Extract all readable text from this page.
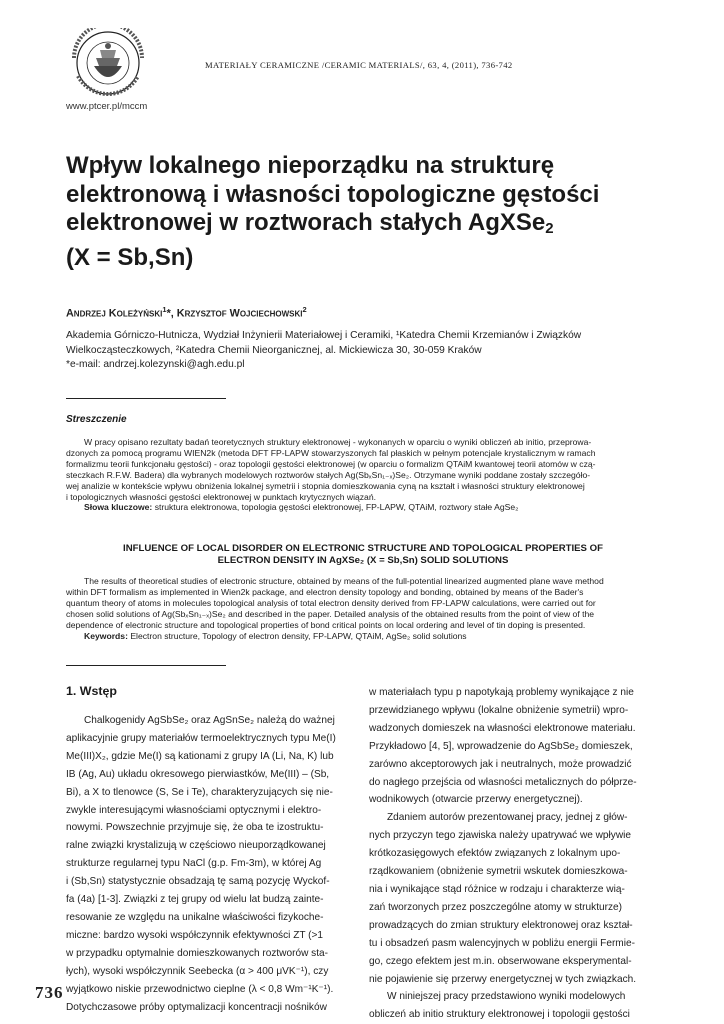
www.ptcer.pl/mccm
MATERIAŁY CERAMICZNE /CERAMIC MATERIALS/, 63, 4, (2011), 736-742
Wpływ lokalnego nieporządku na strukturę
elektronową i własności topologiczne gęstości
elektronowej w roztworach stałych AgXSe$_2$
(X = Sb,Sn)
Andrzej Koleżyński$^1$*, Krzysztof Wojciechowski$^2$
Akademia Górniczo-Hutnicza, Wydział Inżynierii Materiałowej i Ceramiki, ¹Katedra Chemii Krzemianów i Związków
Wielkocząsteczkowych, ²Katedra Chemii Nieorganicznej, al. Mickiewicza 30, 30-059 Kraków
*e-mail: andrzej.kolezynski@agh.edu.pl
Streszczenie
W pracy opisano rezultaty badań teoretycznych struktury elektronowej - wykonanych w oparciu o wyniki obliczeń ab initio, przeprowa-
dzonych za pomocą programu WIEN2k (metoda DFT FP-LAPW stowarzyszonych fal płaskich w pełnym potencjale krystalicznym w ramach
formalizmu teorii funkcjonału gęstości) - oraz topologii gęstości elektronowej (w oparciu o formalizm QTAiM kwantowej teorii atomów w czą-
steczkach R.F.W. Badera) dla wybranych modelowych roztworów stałych Ag(SbₓSn₁₋ₓ)Se₂. Otrzymane wyniki poddane zostały szczegóło-
wej analizie w kontekście wpływu obniżenia lokalnej symetrii i stopnia domieszkowania cyną na kształt i własności struktury elektronowej
i topologicznych własności gęstości elektronowej w punktach krytycznych wiązań.
Słowa kluczowe: struktura elektronowa, topologia gęstości elektronowej, FP-LAPW, QTAiM, roztwory stałe AgSe₂
INFLUENCE OF LOCAL DISORDER ON ELECTRONIC STRUCTURE AND TOPOLOGICAL PROPERTIES OF
ELECTRON DENSITY IN AgXSe₂ (X = Sb,Sn) SOLID SOLUTIONS
The results of theoretical studies of electronic structure, obtained by means of the full-potential linearized augmented plane wave method
within DFT formalism as implemented in Wien2k package, and electron density topology and bonding, obtained by means of the Bader's
quantum theory of atoms in molecules topological analysis of total electron density derived from FP-LAPW calculations, were carried out for
chosen solid solutions of Ag(SbₓSn₁₋ₓ)Se₂ and described in the paper. Detailed analysis of the obtained results from the point of view of the
dependence of electronic structure and topological properties of bond critical points on local ordering and level of tin doping is presented.
Keywords: Electron structure, Topology of electron density, FP-LAPW, QTAiM, AgSe₂ solid solutions
1. Wstęp
Chalkogenidy AgSbSe₂ oraz AgSnSe₂ należą do ważnej
aplikacyjnie grupy materiałów termoelektrycznych typu Me(I)
Me(III)X₂, gdzie Me(I) są kationami z grupy IA (Li, Na, K) lub
IB (Ag, Au) układu okresowego pierwiastków, Me(III) – (Sb,
Bi), a X to tlenowce (S, Se i Te), charakteryzujących się nie-
zwykle interesującymi własnościami optycznymi i elektro-
nowymi. Powszechnie przyjmuje się, że oba te izostruktu-
ralne związki krystalizują w częściowo nieuporządkowanej
strukturze regularnej typu NaCl (g.p. Fm-3m), w której Ag
i (Sb,Sn) statystycznie obsadzają tę samą pozycję Wyckof-
fa (4a) [1-3]. Związki z tej grupy od wielu lat budzą zainte-
resowanie ze względu na unikalne właściwości fizykoche-
miczne: bardzo wysoki współczynnik efektywności ZT (>1
w przypadku optymalnie domieszkowanych roztworów sta-
łych), wysoki współczynnik Seebecka (α > 400 μVK⁻¹), czy
wyjątkowo niskie przewodnictwo cieplne (λ < 0,8 Wm⁻¹K⁻¹).
Dotychczasowe próby optymalizacji koncentracji nośników
w materiałach typu p napotykają problemy wynikające z nie
przewidzianego wpływu (lokalne obniżenie symetrii) wpro-
wadzonych domieszek na własności elektronowe materiału.
Przykładowo [4, 5], wprowadzenie do AgSbSe₂ domieszek,
zarówno akceptorowych jak i neutralnych, może prowadzić
do nagłego przejścia od własności metalicznych do półprze-
wodnikowych (otwarcie przerwy energetycznej).
Zdaniem autorów prezentowanej pracy, jednej z głów-
nych przyczyn tego zjawiska należy upatrywać we wpływie
krótkozasięgowych efektów związanych z lokalnym upo-
rządkowaniem (obniżenie symetrii wskutek domieszkowa-
nia i wynikające stąd różnice w rodzaju i charakterze wią-
zań tworzonych przez poszczególne atomy w strukturze)
prowadzących do zmian struktury elektronowej oraz kształ-
tu i obsadzeń pasm walencyjnych w pobliżu energii Fermie-
go, czego efektem jest m.in. obserwowane eksperymental-
nie pojawienie się przerwy energetycznej w tych związkach.
W niniejszej pracy przedstawiono wyniki modelowych
obliczeń ab initio struktury elektronowej i topologii gęstości
736
